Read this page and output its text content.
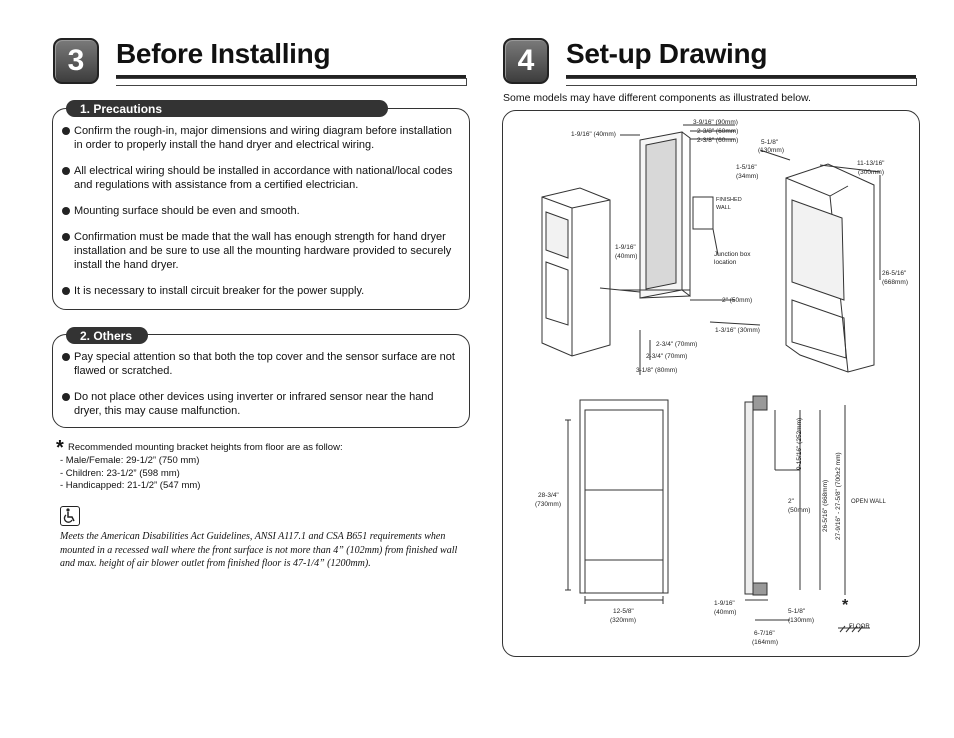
3	Before Installing
1. Precautions
Confirm the rough-in, major dimensions and wiring diagram before installation in order to properly install the hand dryer and electrical wiring.
All electrical wiring should be installed in accordance with national/local codes and regulations with assistance from a certified electrician.
Mounting surface should be even and smooth.
Confirmation must be made that the wall has enough strength for hand dryer installation and be sure to use all the mounting hardware provided to securely install the hand dryer.
It is necessary to install circuit breaker for the power supply.
2. Others
Pay special attention so that both the top cover and the sensor surface are not flawed or scratched.
Do not place other devices using inverter or infrared sensor near the hand dryer, this may cause malfunction.
* Recommended mounting bracket heights from floor are as follow:
- Male/Female: 29-1/2” (750 mm)
- Children: 23-1/2” (598 mm)
- Handicapped: 21-1/2” (547 mm)
Meets the American Disabilities Act Guidelines, ANSI A117.1 and CSA B651 requirements when mounted in a recessed wall where the front surface is not more than 4” (102mm) from finished wall and max. height of air blower outlet from finished floor is 47-1/4” (1200mm).
4	Set-up Drawing
Some models may have different components as illustrated below.
1-9/16" (40mm)
3-9/16" (90mm)
2-3/8" (60mm)
2-3/8" (60mm)	5-1/8"
(130mm)
1-5/16"
(34mm)
11-13/16"
(300mm)
FINISHED
WALL
1-9/16"
(40mm)	Junction box
location
26-5/16"
(668mm)
2" (50mm)
1-3/16" (30mm)
2-3/4" (70mm)
2-3/4" (70mm)
3-1/8" (80mm)
28-3/4"
(730mm)
12-5/8"
(320mm)
9-15/16" (252mm)
26-5/16" (668mm) 27-9/16" - 27-5/8" (700±2 mm)
2"
(50mm)
OPEN WALL
1-9/16"
(40mm)	5-1/8"
(130mm)
6-7/16"
(164mm)
FLOOR
*
